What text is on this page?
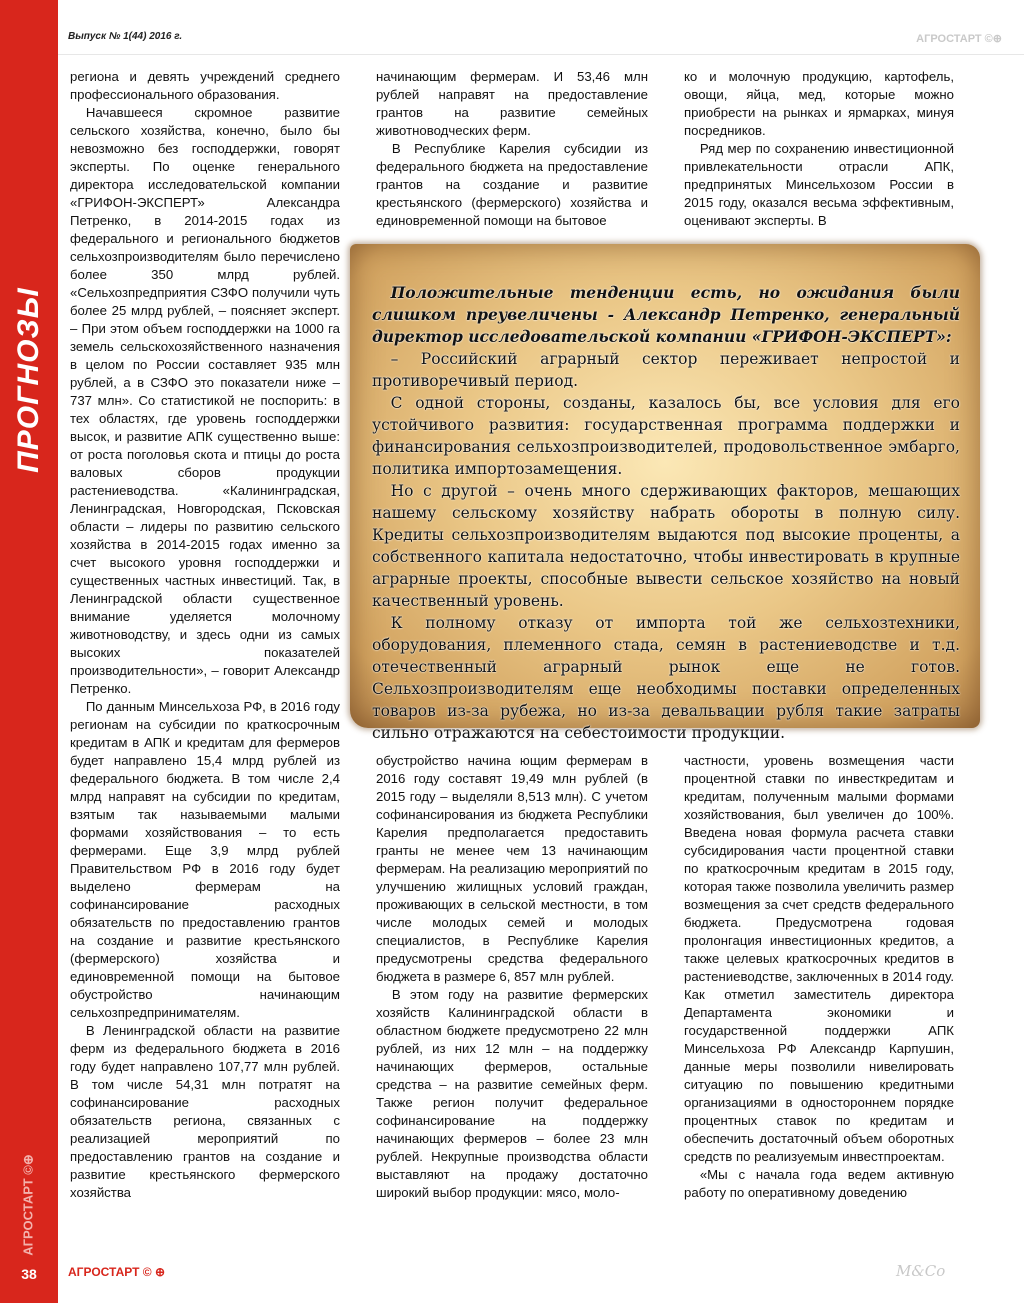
ПРОГНОЗЫ
АГРОСТАРТ ©⊕
38
Выпуск № 1(44) 2016 г.	АГРОСТАРТ ©⊕

региона и девять учреждений среднего профессионального образования.

Начавшееся скромное развитие сельского хозяйства, конечно, было бы невозможно без господдержки, говорят эксперты. По оценке генерального директора исследовательской компании «ГРИФОН-ЭКСПЕРТ» Александра Петренко, в 2014-2015 годах из федерального и регионального бюджетов сельхозпроизводителям было перечислено более 350 млрд рублей. «Сельхозпредприятия СЗФО получили чуть более 25 млрд рублей, – поясняет эксперт. – При этом объем господдержки на 1000 га земель сельскохозяйственного назначения в целом по России составляет 935 млн рублей, а в СЗФО это показатели ниже – 737 млн». Со статистикой не поспорить: в тех областях, где уровень господдержки высок, и развитие АПК существенно выше: от роста поголовья скота и птицы до роста валовых сборов продукции растениеводства. «Калининградская, Ленинградская, Новгородская, Псковская области – лидеры по развитию сельского хозяйства в 2014-2015 годах именно за счет высокого уровня господдержки и существенных частных инвестиций. Так, в Ленинградской области существенное внимание уделяется молочному животноводству, и здесь одни из самых высоких показателей производительности», – говорит Александр Петренко.

По данным Минсельхоза РФ, в 2016 году регионам на субсидии по краткосрочным кредитам в АПК и кредитам для фермеров будет направлено 15,4 млрд рублей из федерального бюджета. В том числе 2,4 млрд направят на субсидии по кредитам, взятым так называемыми малыми формами хозяйствования – то есть фермерами. Еще 3,9 млрд рублей Правительством РФ в 2016 году будет выделено фермерам на софинансирование расходных обязательств по предоставлению грантов на создание и развитие крестьянского (фермерского) хозяйства и единовременной помощи на бытовое обустройство начинающим сельхозпредпринимателям.

В Ленинградской области на развитие ферм из федерального бюджета в 2016 году будет направлено 107,77 млн рублей. В том числе 54,31 млн потратят на софинансирование расходных обязательств региона, связанных с реализацией мероприятий по предоставлению грантов на создание и развитие крестьянского фермерского хозяйства

начинающим фермерам. И 53,46 млн рублей направят на предоставление грантов на развитие семейных животноводческих ферм.

В Республике Карелия субсидии из федерального бюджета на предоставление грантов на создание и развитие крестьянского (фермерского) хозяйства и единовременной помощи на бытовое

ко и молочную продукцию, картофель, овощи, яйца, мед, которые можно приобрести на рынках и ярмарках, минуя посредников.

Ряд мер по сохранению инвестиционной привлекательности отрасли АПК, предпринятых Минсельхозом России в 2015 году, оказался весьма эффективным, оценивают эксперты. В

Положительные тенденции есть, но ожидания были слишком преувеличены - Александр Петренко, генеральный директор исследовательской компании «ГРИФОН-ЭКСПЕРТ»:

– Российский аграрный сектор переживает непростой и противоречивый период.

С одной стороны, созданы, казалось бы, все условия для его устойчивого развития: государственная программа поддержки и финансирования сельхозпроизводителей, продовольственное эмбарго, политика импортозамещения.

Но с другой – очень много сдерживающих факторов, мешающих нашему сельскому хозяйству набрать обороты в полную силу. Кредиты сельхозпроизводителям выдаются под высокие проценты, а собственного капитала недостаточно, чтобы инвестировать в крупные аграрные проекты, способные вывести сельское хозяйство на новый качественный уровень.

К полному отказу от импорта той же сельхозтехники, оборудования, племенного стада, семян в растениеводстве и т.д. отечественный аграрный рынок еще не готов. Сельхозпроизводителям еще необходимы поставки определенных товаров из-за рубежа, но из-за девальвации рубля такие затраты сильно отражаются на себестоимости продукции.

обустройство начина ющим фермерам в 2016 году составят 19,49 млн рублей (в 2015 году – выделяли 8,513 млн). С учетом софинансирования из бюджета Республики Карелия предполагается предоставить гранты не менее чем 13 начинающим фермерам. На реализацию мероприятий по улучшению жилищных условий граждан, проживающих в сельской местности, в том числе молодых семей и молодых специалистов, в Республике Карелия предусмотрены средства федерального бюджета в размере 6, 857 млн рублей.

В этом году на развитие фермерских хозяйств Калининградской области в областном бюджете предусмотрено 22 млн рублей, из них 12 млн – на поддержку начинающих фермеров, остальные средства – на развитие семейных ферм. Также регион получит федеральное софинансирование на поддержку начинающих фермеров – более 23 млн рублей. Некрупные производства области выставляют на продажу достаточно широкий выбор продукции: мясо, моло-

частности, уровень возмещения части процентной ставки по инвесткредитам и кредитам, полученным малыми формами хозяйствования, был увеличен до 100%. Введена новая формула расчета ставки субсидирования части процентной ставки по краткосрочным кредитам в 2015 году, которая также позволила увеличить размер возмещения за счет средств федерального бюджета. Предусмотрена годовая пролонгация инвестиционных кредитов, а также целевых краткосрочных кредитов в растениеводстве, заключенных в 2014 году. Как отметил заместитель директора Департамента экономики и государственной поддержки АПК Минсельхоза РФ Александр Карпушин, данные меры позволили нивелировать ситуацию по повышению кредитными организациями в одностороннем порядке процентных ставок по кредитам и обеспечить достаточный объем оборотных средств по реализуемым инвестпроектам.

«Мы с начала года ведем активную работу по оперативному доведению

АГРОСТАРТ © ⊕	M&Co
